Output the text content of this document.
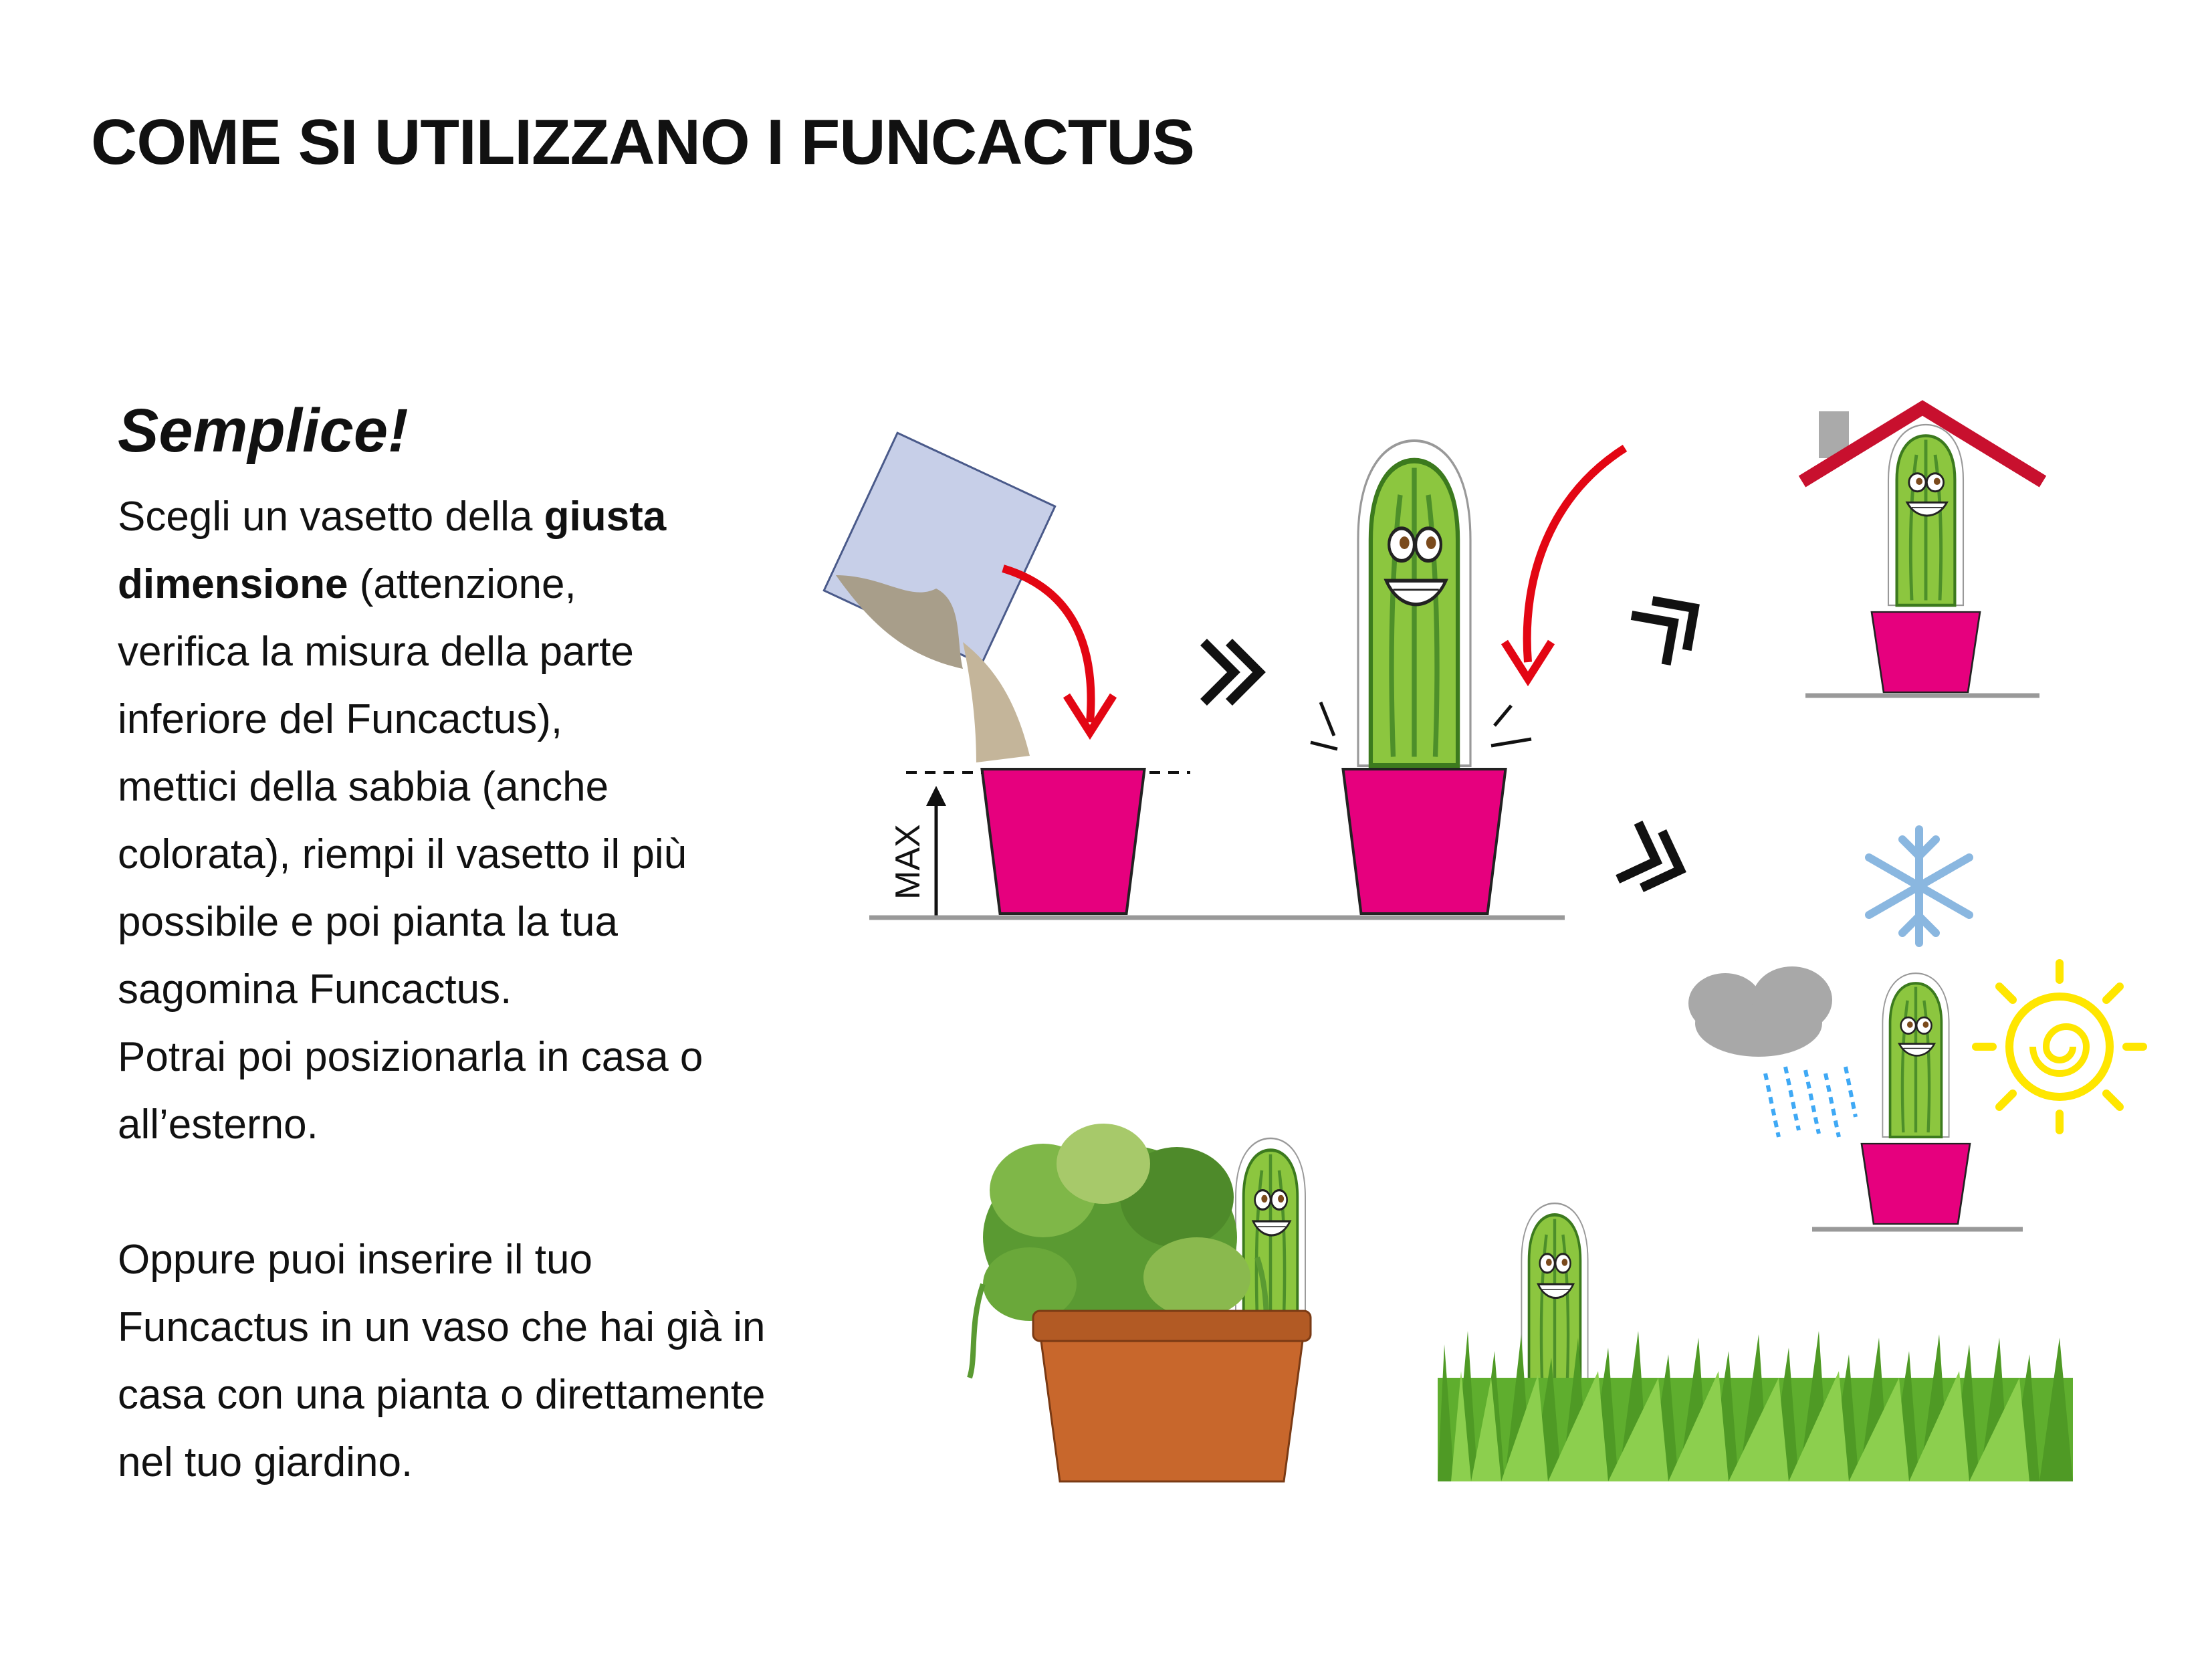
COME SI UTILIZZANO I FUNCACTUS
Semplice!

Scegli un vasetto della giusta

dimensione (attenzione,

verifica la misura della parte

inferiore del Funcactus),

mettici della sabbia (anche

colorata), riempi il vasetto il più

possibile e poi pianta la tua

sagomina Funcactus.

Potrai poi posizionarla in casa o

all’esterno.

Oppure puoi inserire il tuo

Funcactus in un vaso che hai già in

casa con una pianta o direttamente

nel tuo giardino.

MAX
